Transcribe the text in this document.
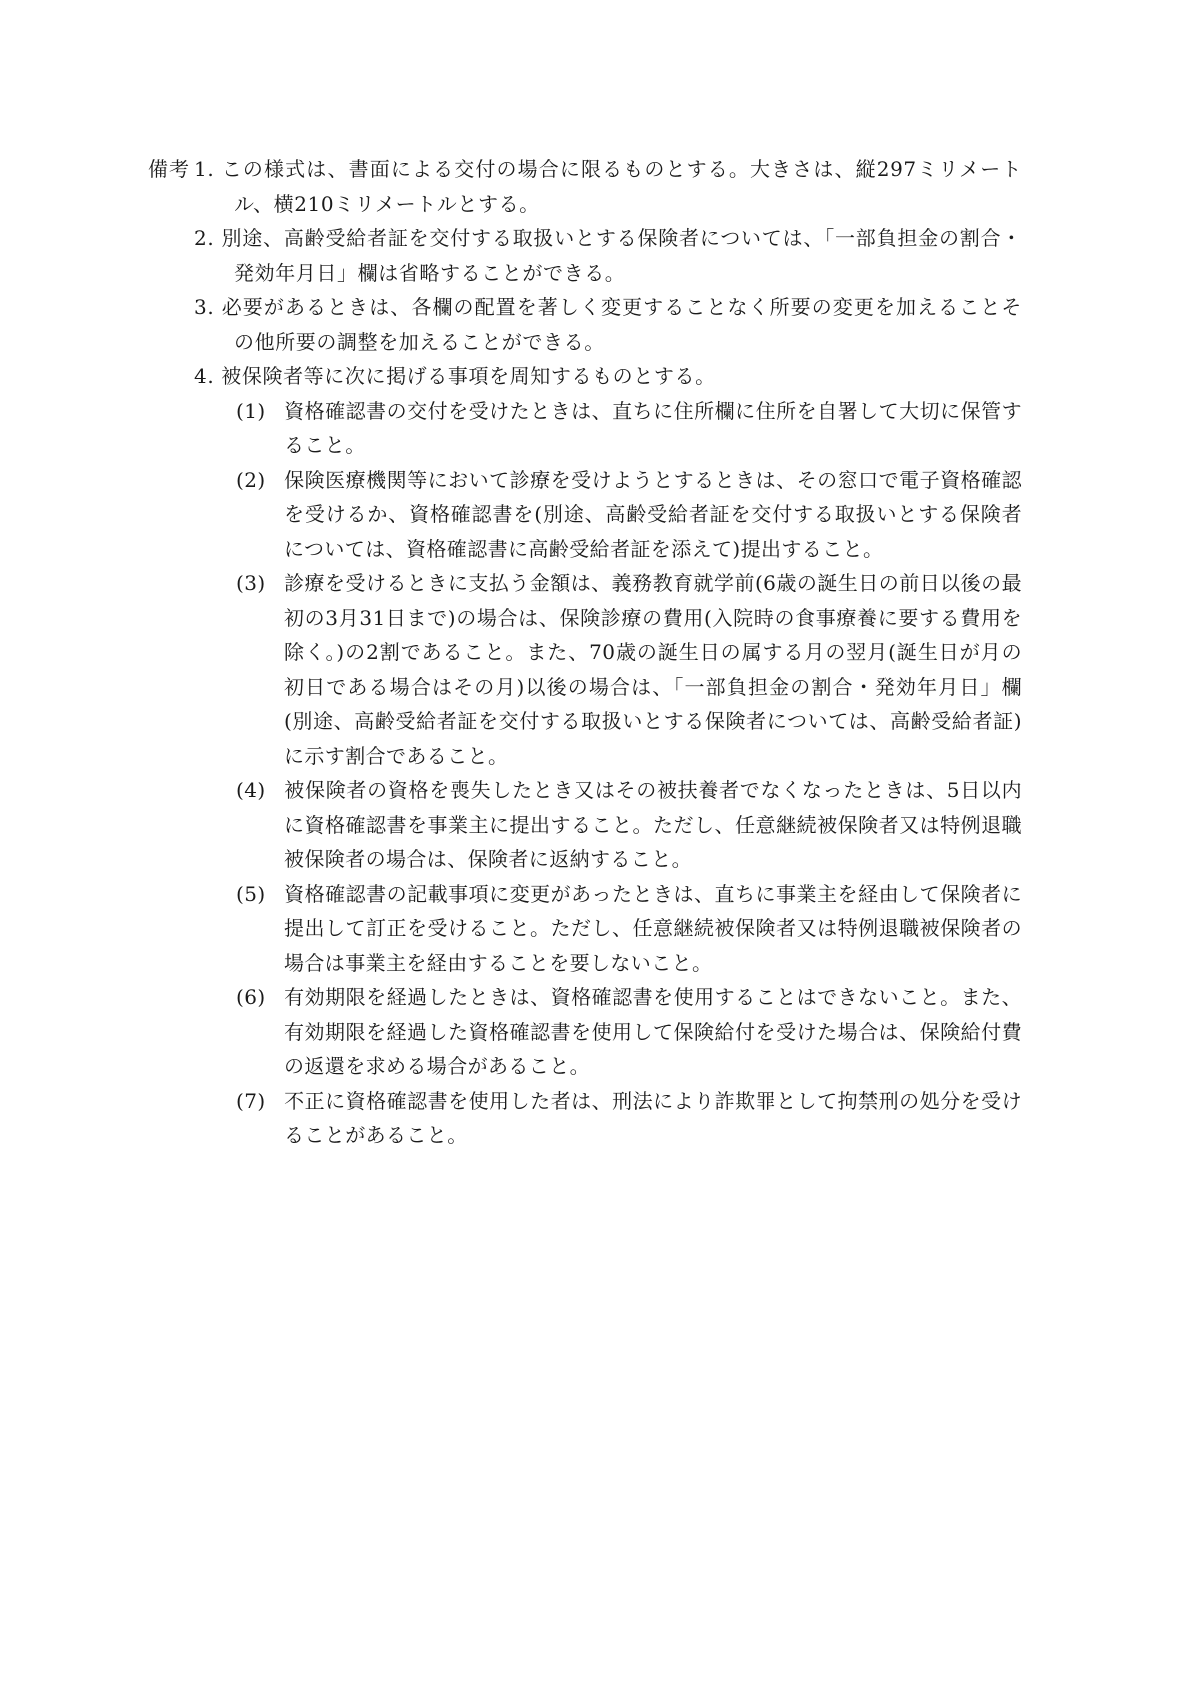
備考 1. この様式は、書面による交付の場合に限るものとする。大きさは、縦297ミリメートル、横210ミリメートルとする。

2. 別途、高齢受給者証を交付する取扱いとする保険者については、「一部負担金の割合・発効年月日」欄は省略することができる。

3. 必要があるときは、各欄の配置を著しく変更することなく所要の変更を加えることその他所要の調整を加えることができる。

4. 被保険者等に次に掲げる事項を周知するものとする。

(1) 資格確認書の交付を受けたときは、直ちに住所欄に住所を自署して大切に保管すること。

(2) 保険医療機関等において診療を受けようとするときは、その窓口で電子資格確認を受けるか、資格確認書を(別途、高齢受給者証を交付する取扱いとする保険者については、資格確認書に高齢受給者証を添えて)提出すること。

(3) 診療を受けるときに支払う金額は、義務教育就学前(6歳の誕生日の前日以後の最初の3月31日まで)の場合は、保険診療の費用(入院時の食事療養に要する費用を除く。)の2割であること。また、70歳の誕生日の属する月の翌月(誕生日が月の初日である場合はその月)以後の場合は、「一部負担金の割合・発効年月日」欄(別途、高齢受給者証を交付する取扱いとする保険者については、高齢受給者証)に示す割合であること。

(4) 被保険者の資格を喪失したとき又はその被扶養者でなくなったときは、5日以内に資格確認書を事業主に提出すること。ただし、任意継続被保険者又は特例退職被保険者の場合は、保険者に返納すること。

(5) 資格確認書の記載事項に変更があったときは、直ちに事業主を経由して保険者に提出して訂正を受けること。ただし、任意継続被保険者又は特例退職被保険者の場合は事業主を経由することを要しないこと。

(6) 有効期限を経過したときは、資格確認書を使用することはできないこと。また、有効期限を経過した資格確認書を使用して保険給付を受けた場合は、保険給付費の返還を求める場合があること。

(7) 不正に資格確認書を使用した者は、刑法により詐欺罪として拘禁刑の処分を受けることがあること。
